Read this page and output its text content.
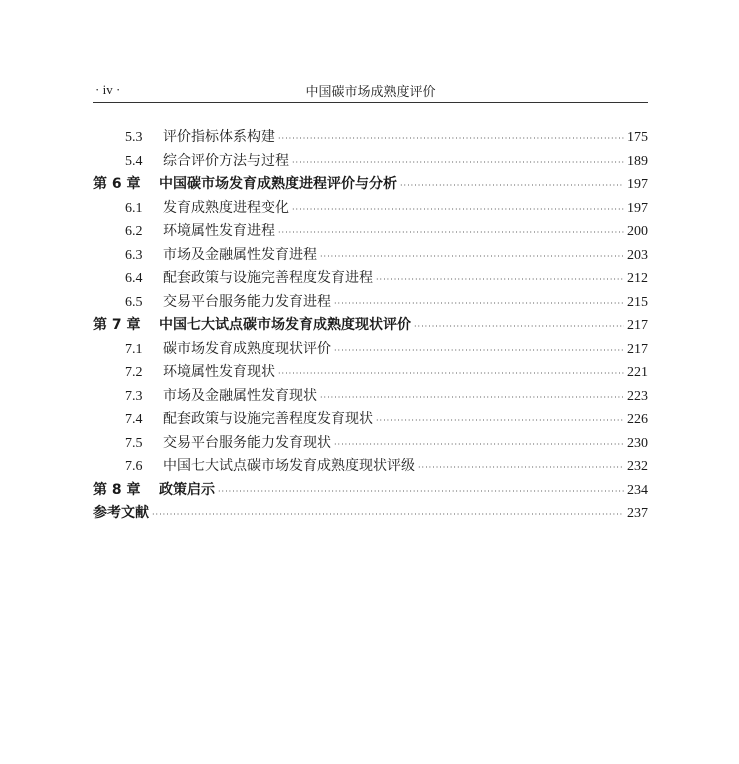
· iv ·	中国碳市场成熟度评价
5.3	评价指标体系构建 ·····	175
5.4	综合评价方法与过程 ·····	189
第 6 章	中国碳市场发育成熟度进程评价与分析 ·····	197
6.1	发育成熟度进程变化 ·····	197
6.2	环境属性发育进程 ·····	200
6.3	市场及金融属性发育进程 ·····	203
6.4	配套政策与设施完善程度发育进程 ·····	212
6.5	交易平台服务能力发育进程 ·····	215
第 7 章	中国七大试点碳市场发育成熟度现状评价 ·····	217
7.1	碳市场发育成熟度现状评价 ·····	217
7.2	环境属性发育现状 ·····	221
7.3	市场及金融属性发育现状 ·····	223
7.4	配套政策与设施完善程度发育现状 ·····	226
7.5	交易平台服务能力发育现状 ·····	230
7.6	中国七大试点碳市场发育成熟度现状评级 ·····	232
第 8 章	政策启示 ·····	234
参考文献 ·····	237
